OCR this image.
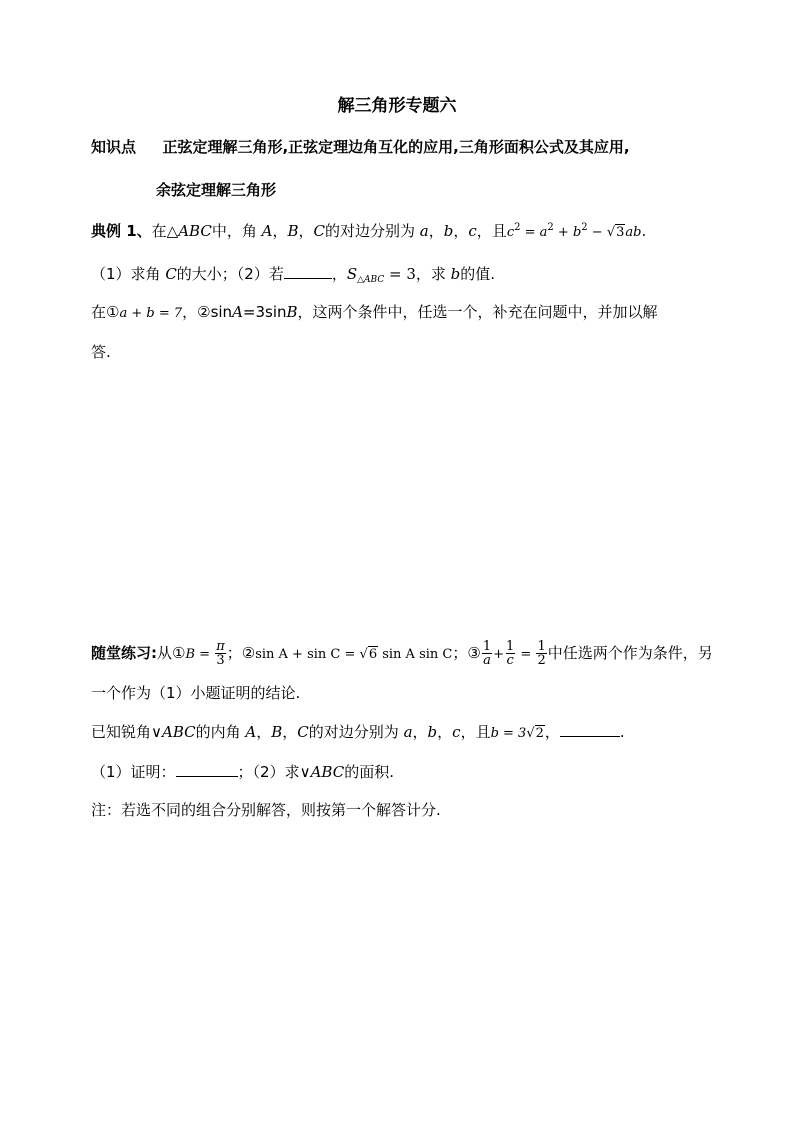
解三角形专题六
知识点 正弦定理解三角形,正弦定理边角互化的应用,三角形面积公式及其应用,
余弦定理解三角形
典例 1、在△ABC中，角 A，B，C的对边分别为 a，b，c，且$c^2 = a^2 + b^2 - √3ab$.
（1）求角 C的大小；（2）若	，$S_{\triangle ABC} = 3$，求 b的值.
在①a + b = 7，②sinA=3sinB，这两个条件中，任选一个，补充在问题中，并加以解
答.
随堂练习:从①B = $\frac{\pi}{3}$ ；②sin A + sin C = √6 sin A sin C；③ $\frac{1}{a} + \frac{1}{c} = \frac{1}{2}$ 中任选两个作为条件，另
一个作为（1）小题证明的结论.
已知锐角∨ABC的内角 A，B，C的对边分别为 a，b，c，且b = 3√2，	.
（1）证明：	；（2）求∨ABC的面积.
注：若选不同的组合分别解答，则按第一个解答计分.
